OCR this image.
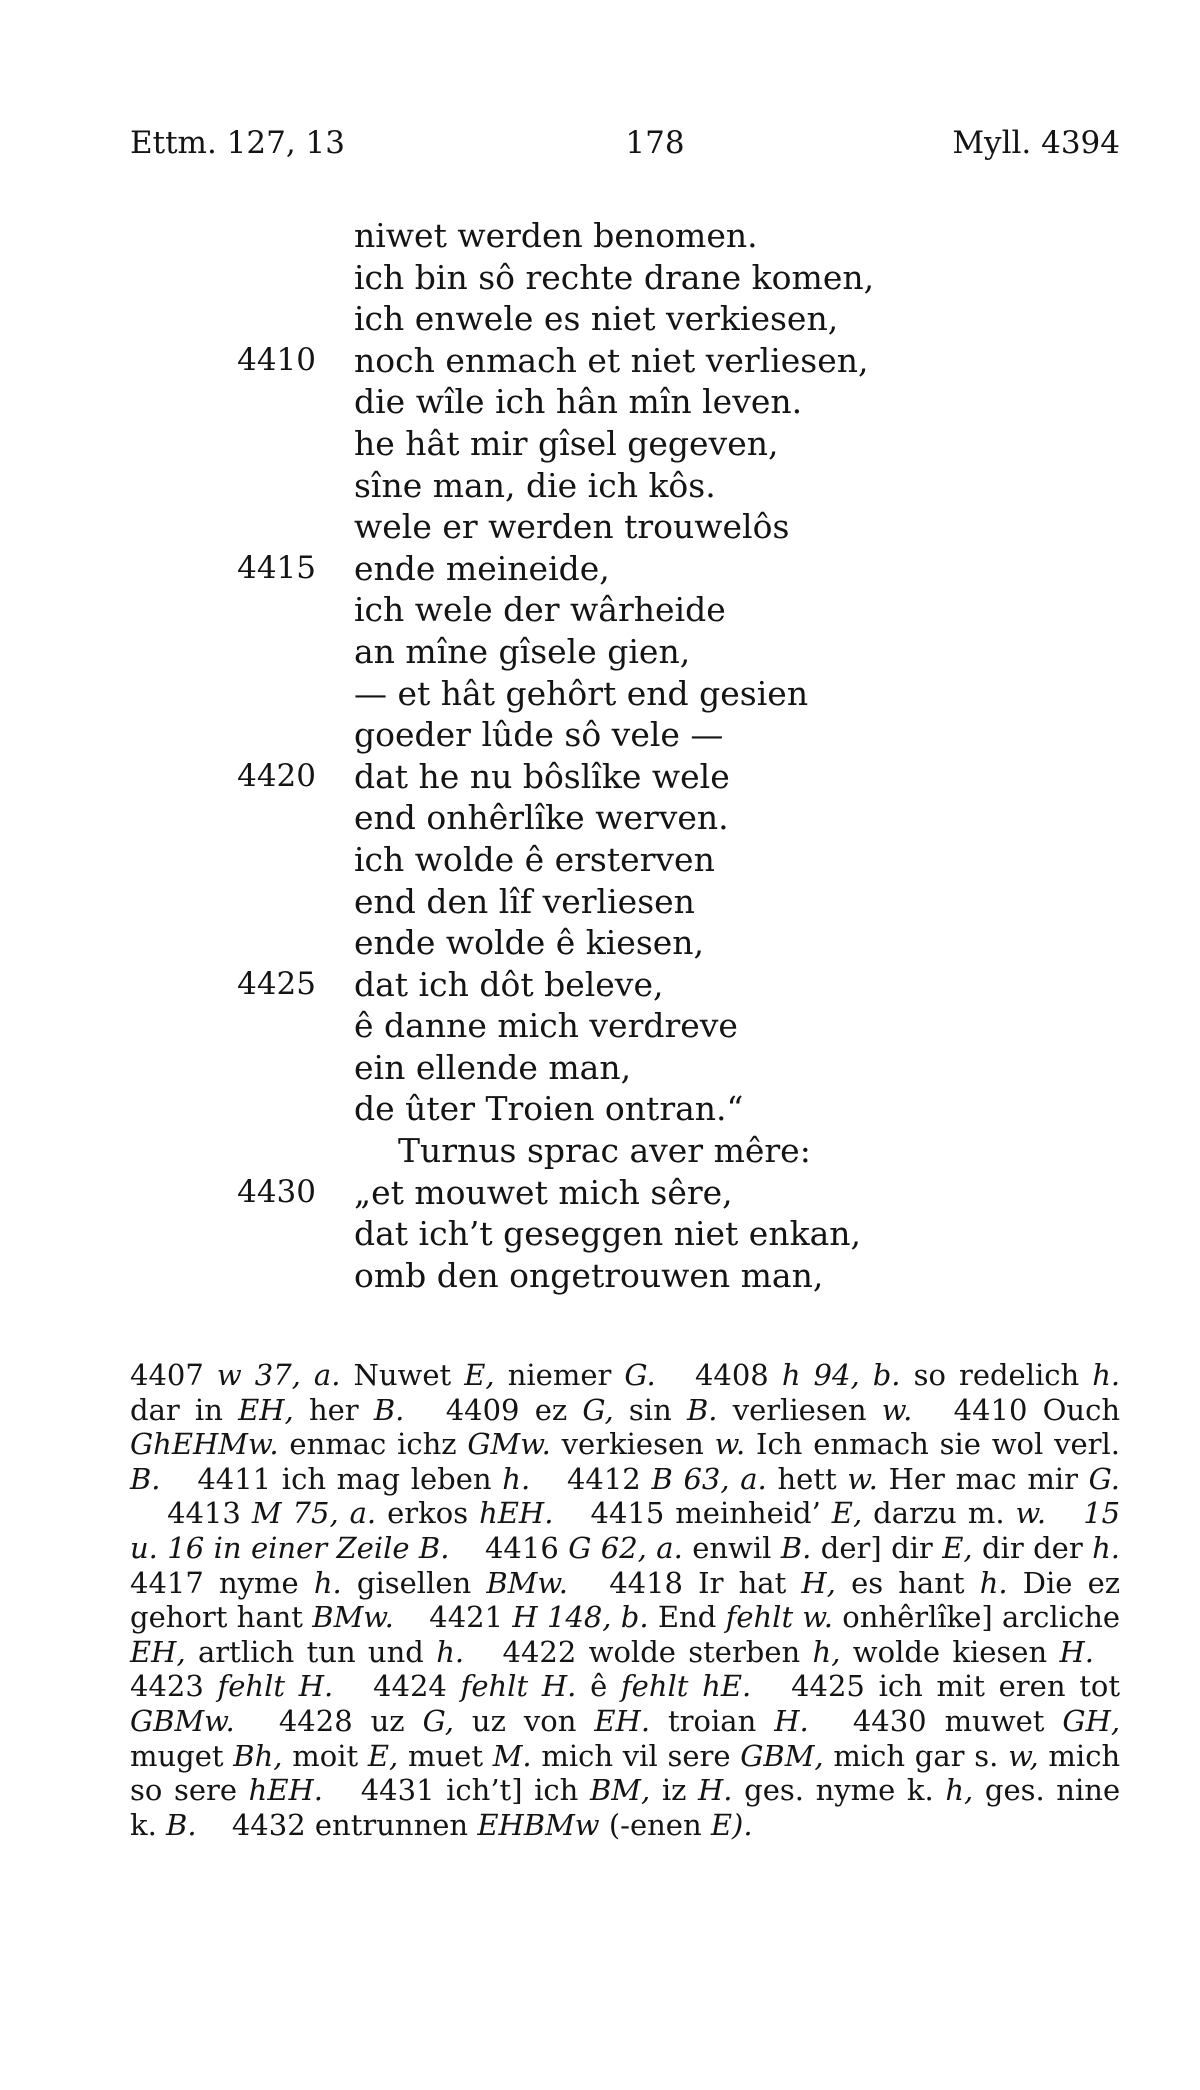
Ettm. 127, 13	178	Myll. 4394
niwet werden benomen.
ich bin sô rechte drane komen,
ich enwele es niet verkiesen,
4410 noch enmach et niet verliesen,
die wîle ich hân mîn leven.
he hât mir gîsel gegeven,
sîne man, die ich kôs.
wele er werden trouwelôs
4415 ende meineide,
ich wele der wârheide
an mîne gîsele gien,
— et hât gehôrt end gesien
goeder lûde sô vele —
4420 dat he nu bôslîke wele
end onhêrlîke werven.
ich wolde ê ersterven
end den lîf verliesen
ende wolde ê kiesen,
4425 dat ich dôt beleve,
ê danne mich verdreve
ein ellende man,
de ûter Troien ontran.“
Turnus sprac aver mêre:
4430 „et mouwet mich sêre,
dat ich’t geseggen niet enkan,
omb den ongetrouwen man,

4407 w 37, a. Nuwet E, niemer G. 4408 h 94, b. so redelich h. dar in EH, her B. 4409 ez G, sin B. verliesen w. 4410 Ouch GhEHMw. enmac ichz GMw. verkiesen w. Ich enmach sie wol verl. B. 4411 ich mag leben h. 4412 B 63, a. hett w. Her mac mir G. 4413 M 75, a. erkos hEH. 4415 meinheid’ E, darzu m. w. 15 u. 16 in einer Zeile B. 4416 G 62, a. enwil B. der] dir E, dir der h. 4417 nyme h. gisellen BMw. 4418 Ir hat H, es hant h. Die ez gehort hant BMw. 4421 H 148, b. End fehlt w. onhêrlîke] arcliche EH, artlich tun und h. 4422 wolde sterben h, wolde kiesen H. 4423 fehlt H. 4424 fehlt H. ê fehlt hE. 4425 ich mit eren tot GBMw. 4428 uz G, uz von EH. troian H. 4430 muwet GH, muget Bh, moit E, muet M. mich vil sere GBM, mich gar s. w, mich so sere hEH. 4431 ich’t] ich BM, iz H. ges. nyme k. h, ges. nine k. B. 4432 entrunnen EHBMw (-enen E).
